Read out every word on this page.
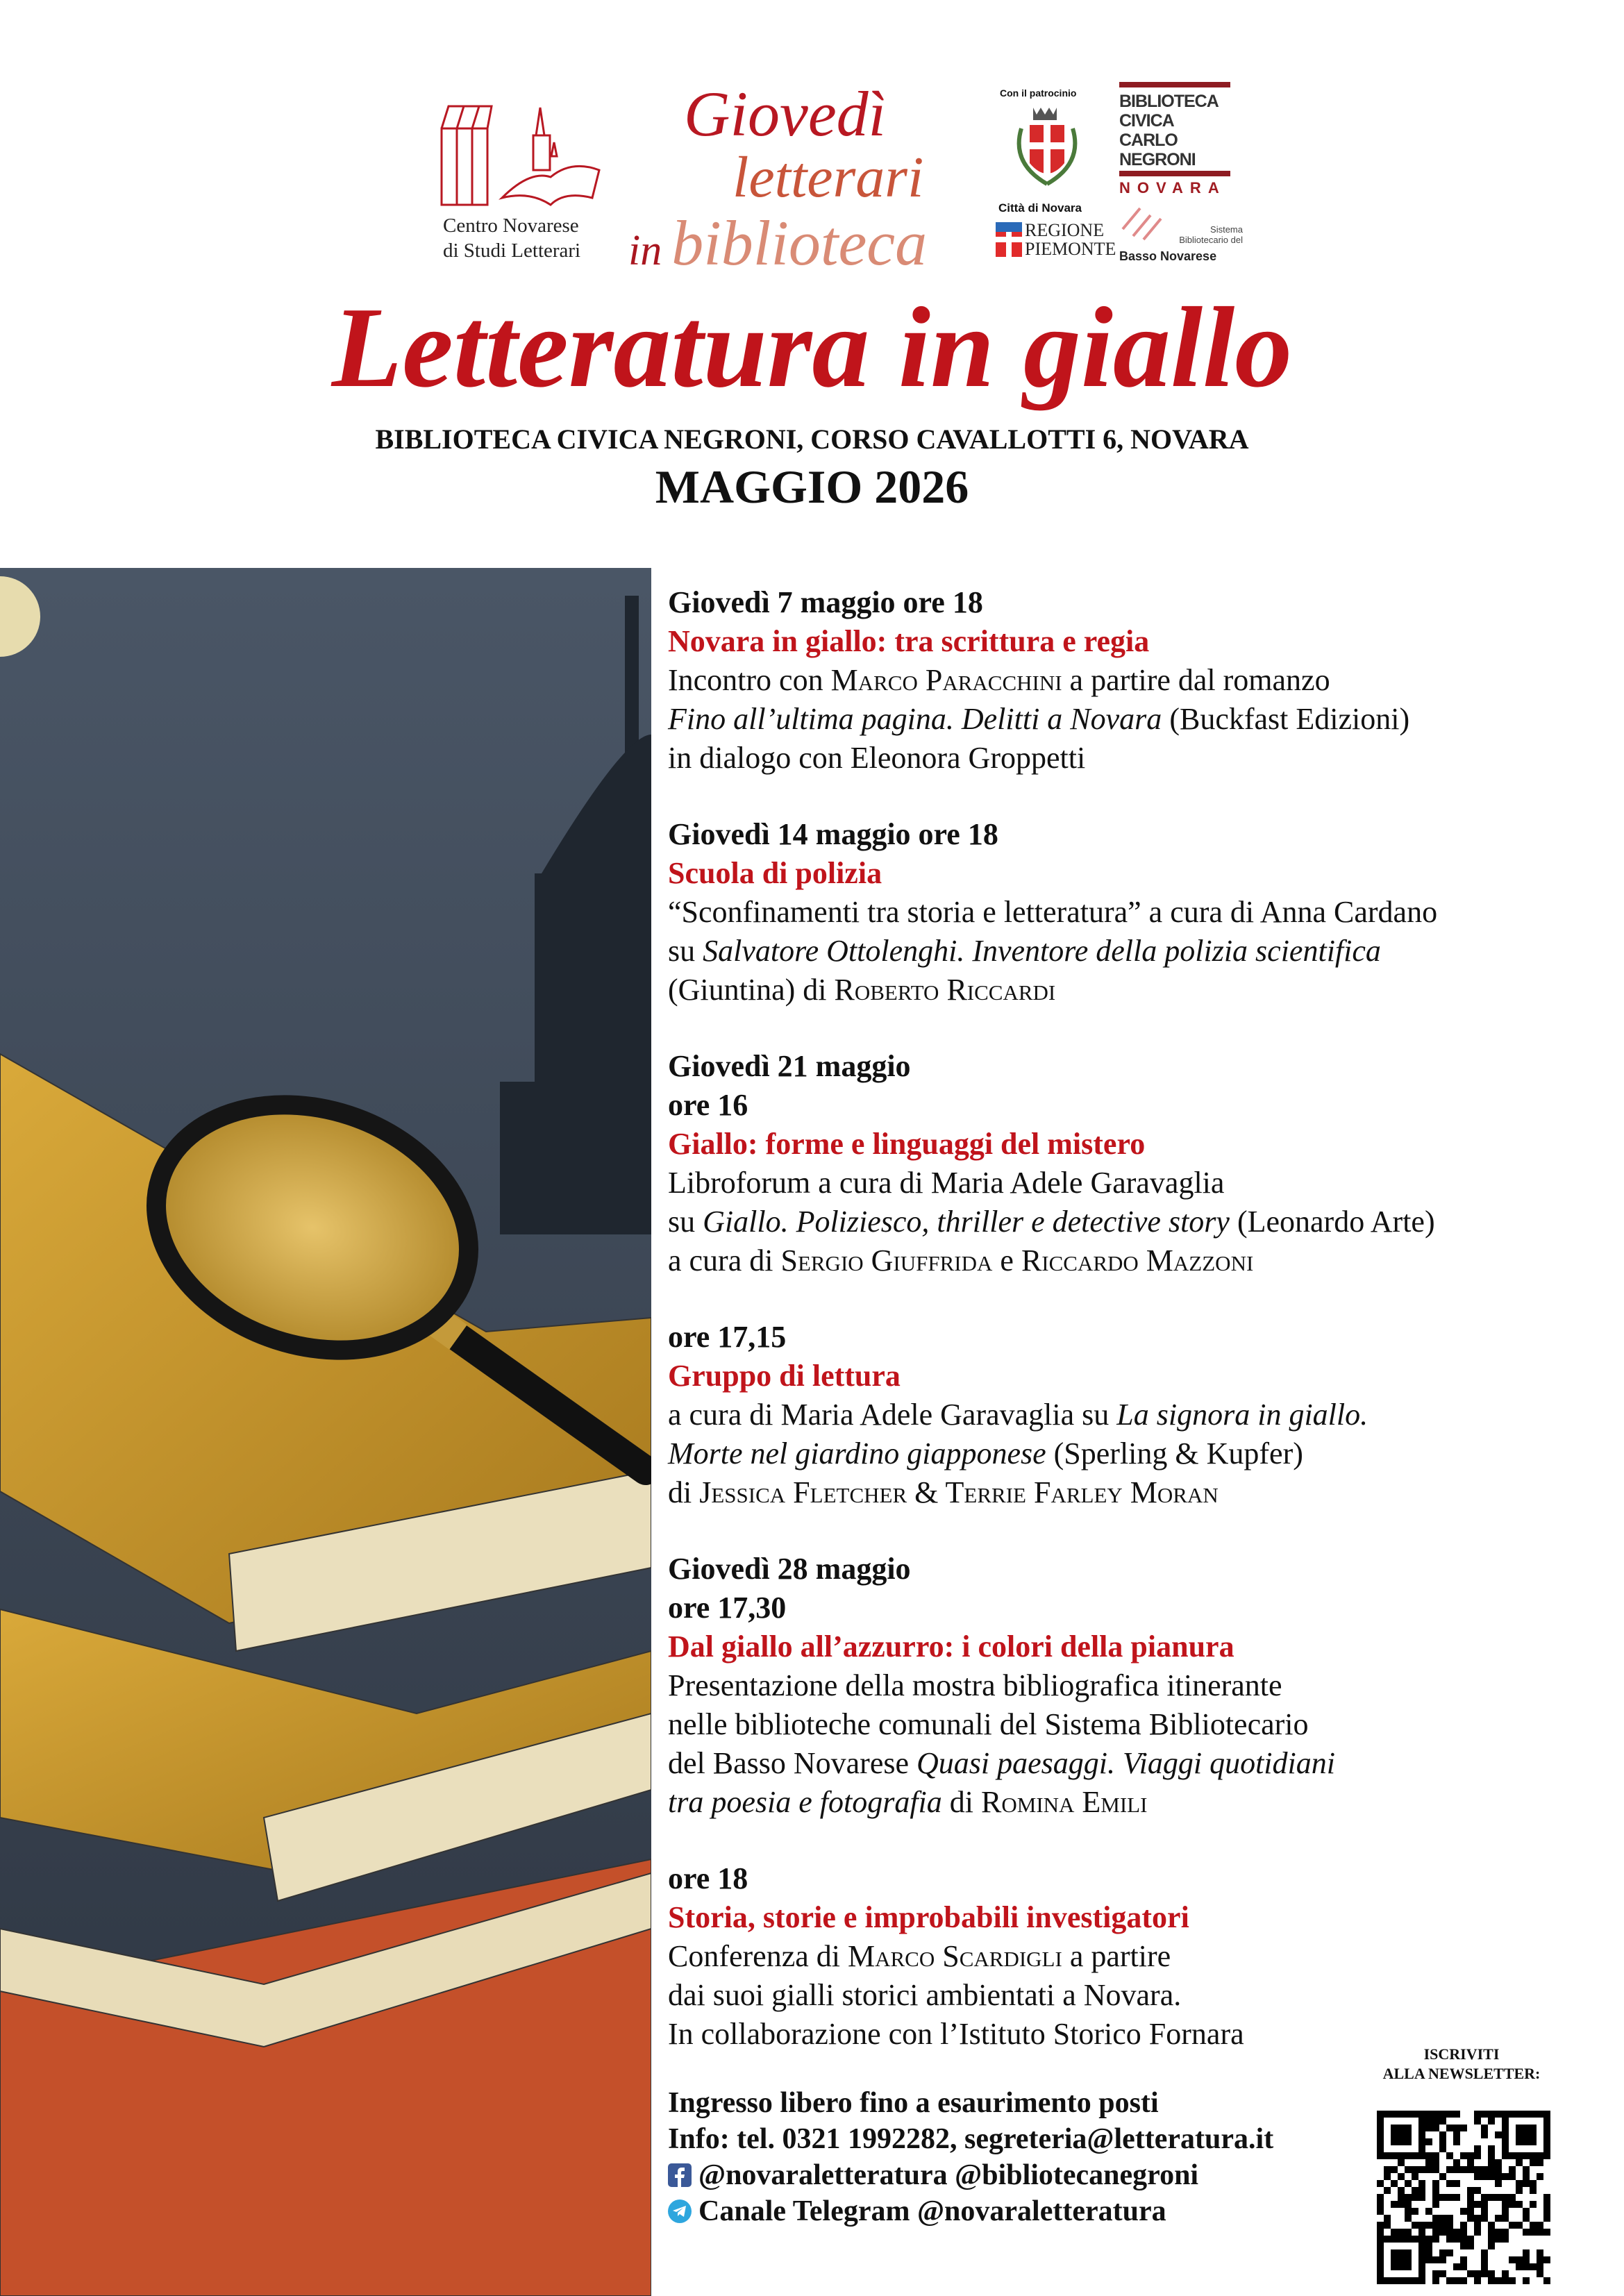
Centro Novarese
di Studi Letterari
Giovedì
letterari
in biblioteca
Con il patrocinio
Città di Novara
REGIONE
PIEMONTE
BIBLIOTECA
CIVICA
CARLO
NEGRONI
NOVARA
Sistema
Bibliotecario del
Basso Novarese
Letteratura in giallo
BIBLIOTECA CIVICA NEGRONI, CORSO CAVALLOTTI 6, NOVARA
MAGGIO 2026
Giovedì 7 maggio ore 18
Novara in giallo: tra scrittura e regia
Incontro con Marco Paracchini a partire dal romanzo
Fino all’ultima pagina. Delitti a Novara (Buckfast Edizioni)
in dialogo con Eleonora Groppetti
Giovedì 14 maggio ore 18
Scuola di polizia
“Sconfinamenti tra storia e letteratura” a cura di Anna Cardano
su Salvatore Ottolenghi. Inventore della polizia scientifica
(Giuntina) di Roberto Riccardi
Giovedì 21 maggio
ore 16
Giallo: forme e linguaggi del mistero
Libroforum a cura di Maria Adele Garavaglia
su Giallo. Poliziesco, thriller e detective story (Leonardo Arte)
a cura di Sergio Giuffrida e Riccardo Mazzoni
ore 17,15
Gruppo di lettura
a cura di Maria Adele Garavaglia su La signora in giallo.
Morte nel giardino giapponese (Sperling & Kupfer)
di Jessica Fletcher & Terrie Farley Moran
Giovedì 28 maggio
ore 17,30
Dal giallo all’azzurro: i colori della pianura
Presentazione della mostra bibliografica itinerante
nelle biblioteche comunali del Sistema Bibliotecario
del Basso Novarese Quasi paesaggi. Viaggi quotidiani
tra poesia e fotografia di Romina Emili
ore 18
Storia, storie e improbabili investigatori
Conferenza di Marco Scardigli a partire
dai suoi gialli storici ambientati a Novara.
In collaborazione con l’Istituto Storico Fornara
Ingresso libero fino a esaurimento posti
Info: tel. 0321 1992282, segreteria@letteratura.it
@novaraletteratura @bibliotecanegroni
Canale Telegram @novaraletteratura
ISCRIVITI
ALLA NEWSLETTER:
